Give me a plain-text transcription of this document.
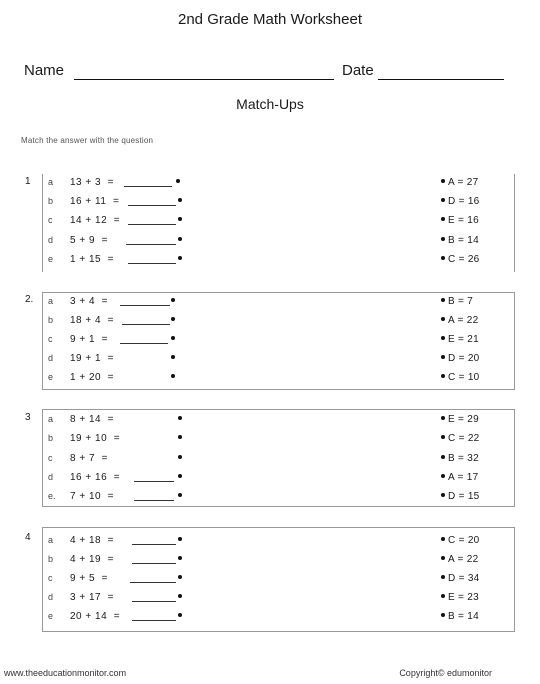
2nd Grade Math Worksheet
Name	Date
Match-Ups
Match the answer with the question
1 a 13 + 3  =	A = 27
b 16 + 11  =	D = 16
c 14 + 12  =	E = 16
d 5 + 9  =	B = 14
e 1 + 15  =	C = 26
2. a 3 + 4  =	B = 7
b 18 + 4  =	A = 22
c 9 + 1  =	E = 21
d 19 + 1  =	D = 20
e 1 + 20  =	C = 10
3 a 8 + 14  =	E = 29
b 19 + 10  =	C = 22
c 8 + 7  =	B = 32
d 16 + 16  =	A = 17
e. 7 + 10  =	D = 15
4 a 4 + 18  =	C = 20
b 4 + 19  =	A = 22
c 9 + 5  =	D = 34
d 3 + 17  =	E = 23
e 20 + 14  =	B = 14
www.theeducationmonitor.com	Copyright© edumonitor
